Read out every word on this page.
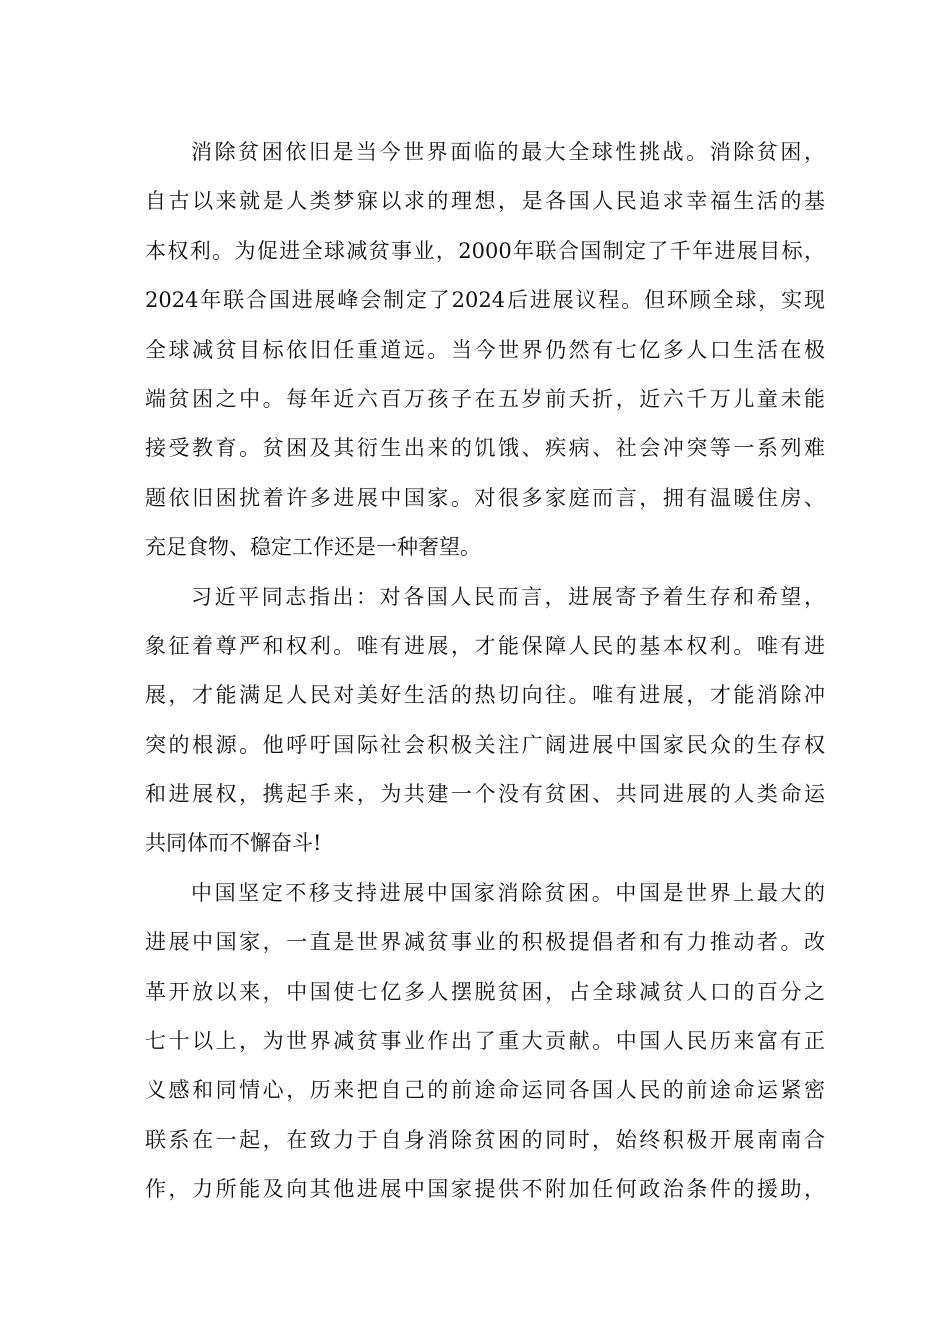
消除贫困依旧是当今世界面临的最大全球性挑战。消除贫困，
自古以来就是人类梦寐以求的理想，是各国人民追求幸福生活的基
本权利。为促进全球减贫事业，2000年联合国制定了千年进展目标，
2024年联合国进展峰会制定了2024后进展议程。但环顾全球，实现
全球减贫目标依旧任重道远。当今世界仍然有七亿多人口生活在极
端贫困之中。每年近六百万孩子在五岁前夭折，近六千万儿童未能
接受教育。贫困及其衍生出来的饥饿、疾病、社会冲突等一系列难
题依旧困扰着许多进展中国家。对很多家庭而言，拥有温暖住房、
充足食物、稳定工作还是一种奢望。
习近平同志指出：对各国人民而言，进展寄予着生存和希望，
象征着尊严和权利。唯有进展，才能保障人民的基本权利。唯有进
展，才能满足人民对美好生活的热切向往。唯有进展，才能消除冲
突的根源。他呼吁国际社会积极关注广阔进展中国家民众的生存权
和进展权，携起手来，为共建一个没有贫困、共同进展的人类命运
共同体而不懈奋斗!
中国坚定不移支持进展中国家消除贫困。中国是世界上最大的
进展中国家，一直是世界减贫事业的积极提倡者和有力推动者。改
革开放以来，中国使七亿多人摆脱贫困，占全球减贫人口的百分之
七十以上，为世界减贫事业作出了重大贡献。中国人民历来富有正
义感和同情心，历来把自己的前途命运同各国人民的前途命运紧密
联系在一起，在致力于自身消除贫困的同时，始终积极开展南南合
作，力所能及向其他进展中国家提供不附加任何政治条件的援助，
